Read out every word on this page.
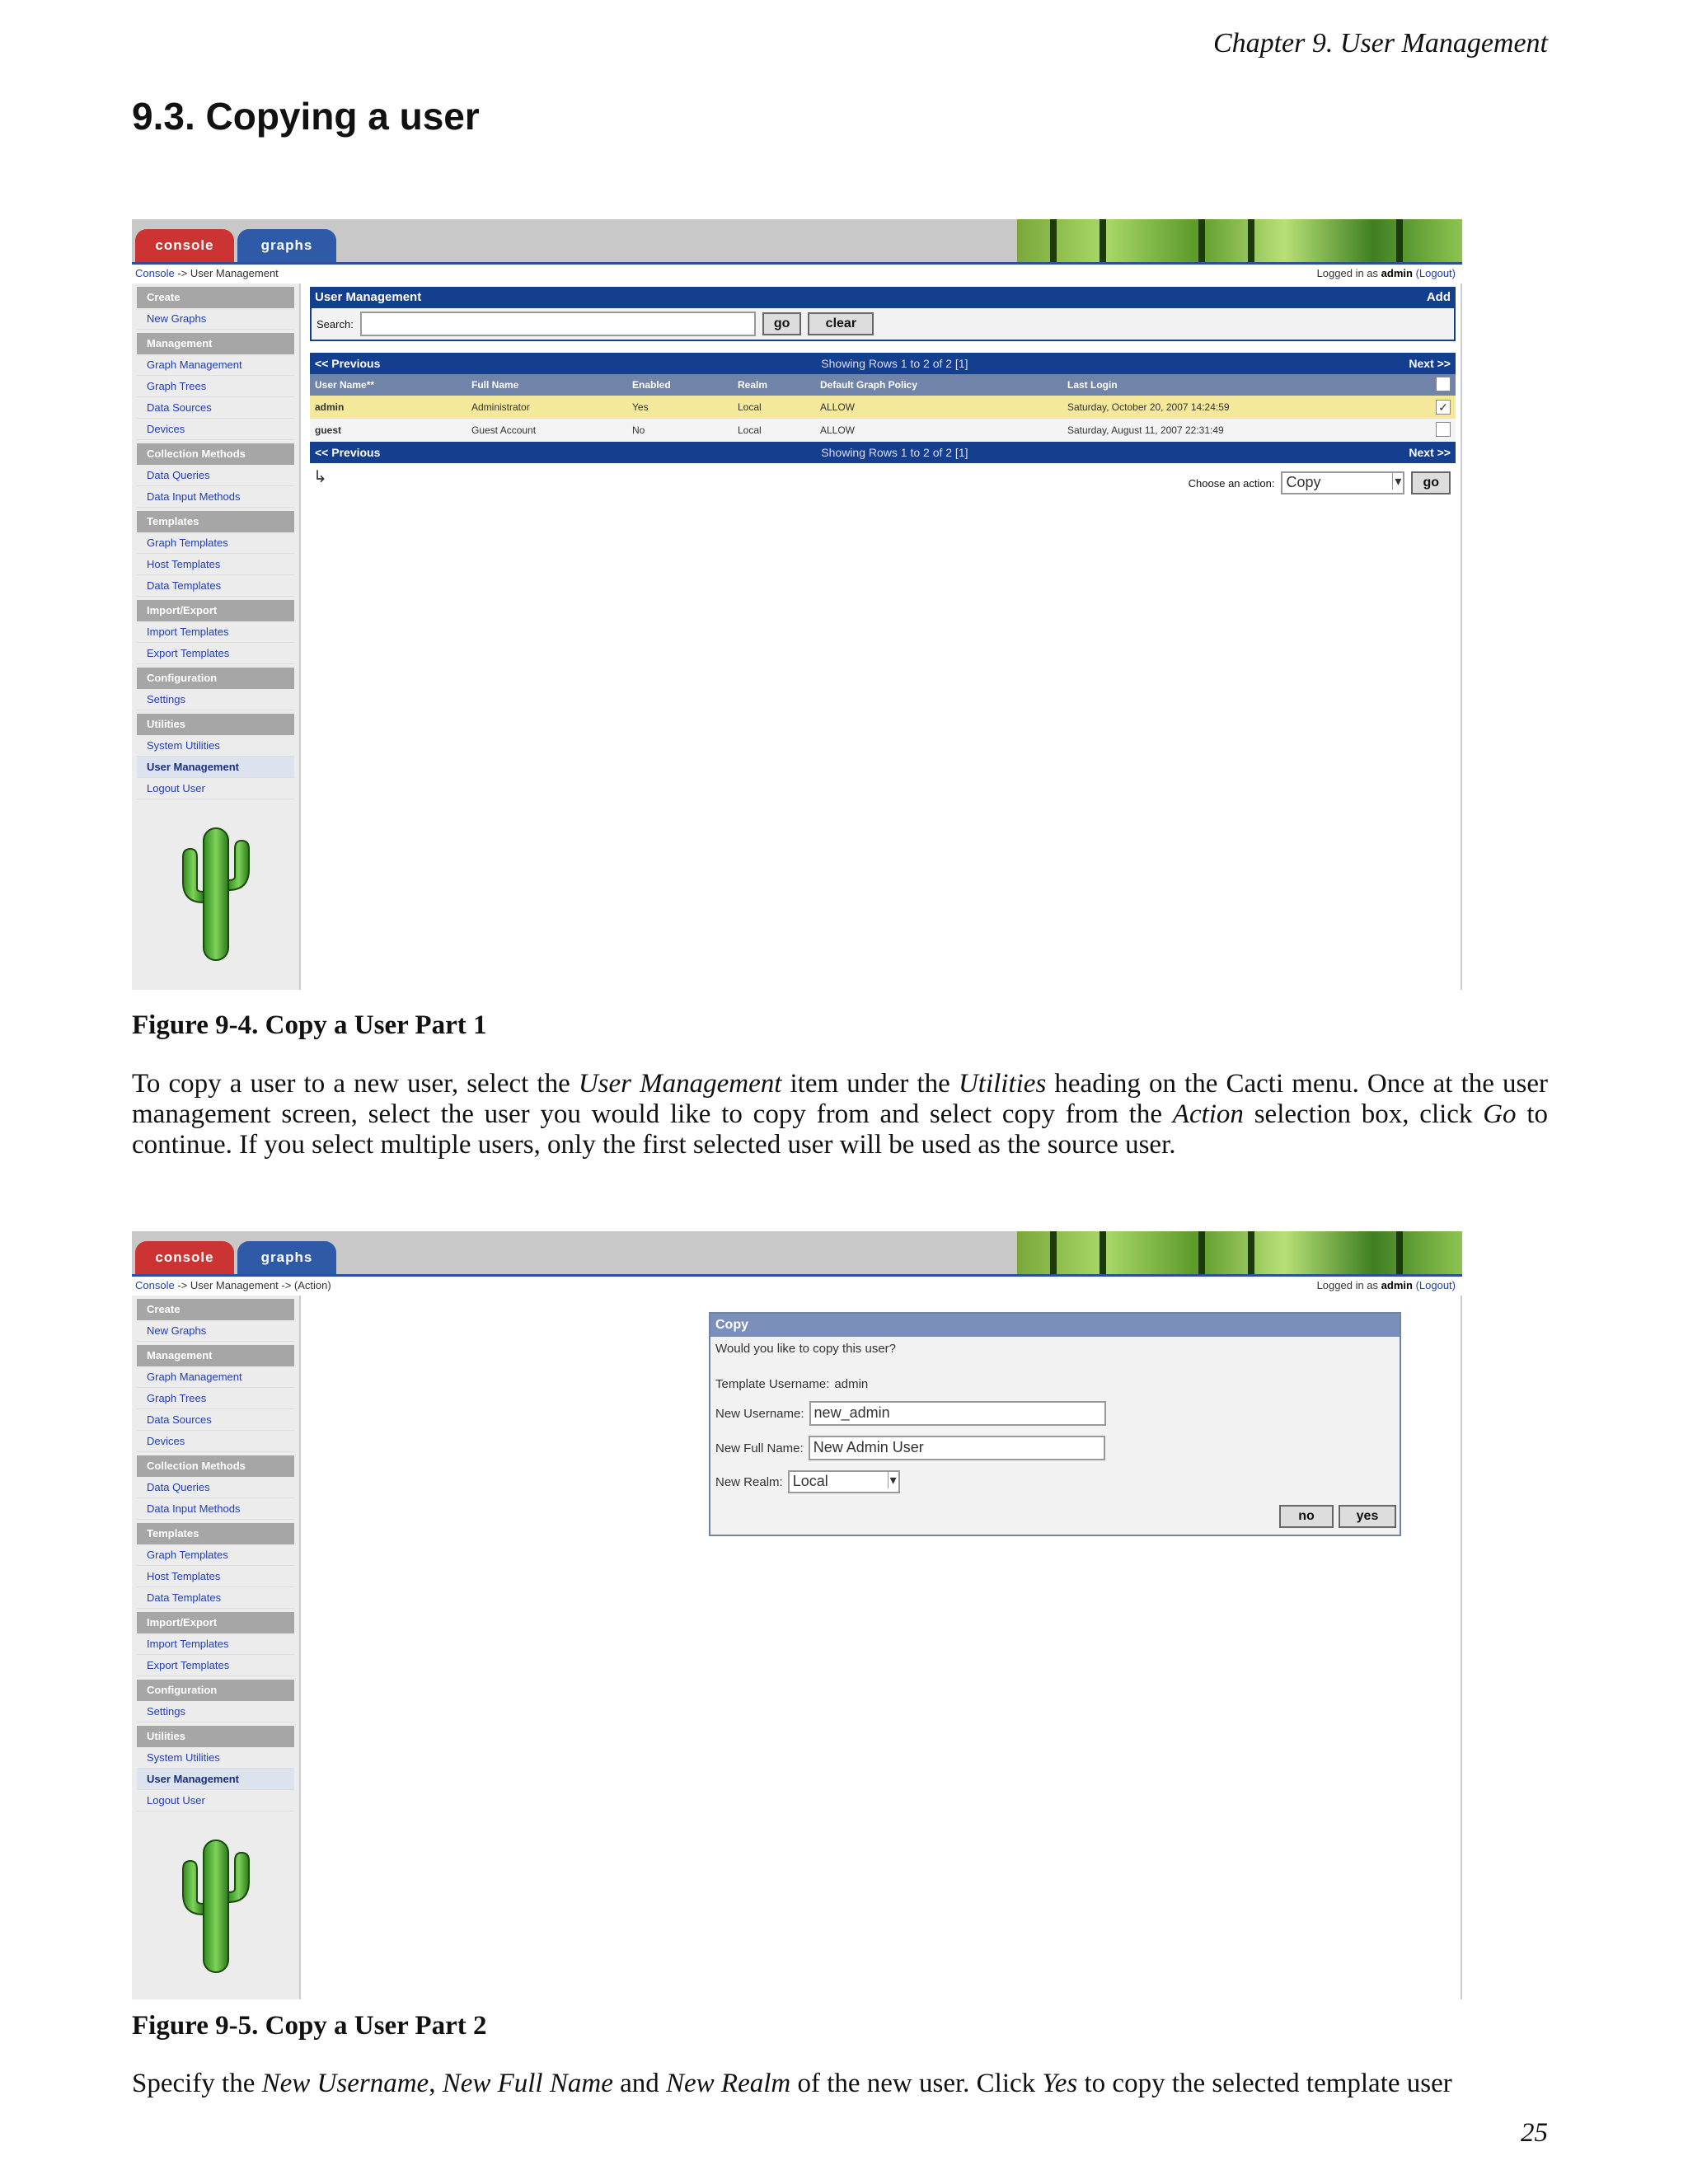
Chapter 9. User Management
9.3. Copying a user
console	graphs
Console -> User Management	Logged in as admin (Logout)
Create
New Graphs
Management
Graph Management
Graph Trees
Data Sources
Devices
Collection Methods
Data Queries
Data Input Methods
Templates
Graph Templates
Host Templates
Data Templates
Import/Export
Import Templates
Export Templates
Configuration
Settings
Utilities
System Utilities
User Management
Logout User
User Management	Add
Search:	go	clear
<< Previous	Showing Rows 1 to 2 of 2 [1]	Next >>
User Name**	Full Name	Enabled	Realm	Default Graph Policy	Last Login	
admin	Administrator	Yes	Local	ALLOW	Saturday, October 20, 2007 14:24:59	✓
guest	Guest Account	No	Local	ALLOW	Saturday, August 11, 2007 22:31:49	
<< Previous	Showing Rows 1 to 2 of 2 [1]	Next >>
↳	Choose an action: Copy ▾	go
Figure 9-4. Copy a User Part 1
To copy a user to a new user, select the User Management item under the Utilities heading on the Cacti menu. Once at the user management screen, select the user you would like to copy from and select copy from the Action selection box, click Go to continue. If you select multiple users, only the first selected user will be used as the source user.
console	graphs
Console -> User Management -> (Action)	Logged in as admin (Logout)
Create
New Graphs
Management
Graph Management
Graph Trees
Data Sources
Devices
Collection Methods
Data Queries
Data Input Methods
Templates
Graph Templates
Host Templates
Data Templates
Import/Export
Import Templates
Export Templates
Configuration
Settings
Utilities
System Utilities
User Management
Logout User
Copy
Would you like to copy this user?
Template Username: admin
New Username: new_admin
New Full Name: New Admin User
New Realm: Local ▾
no	yes
Figure 9-5. Copy a User Part 2
Specify the New Username, New Full Name and New Realm of the new user. Click Yes to copy the selected template user
25
